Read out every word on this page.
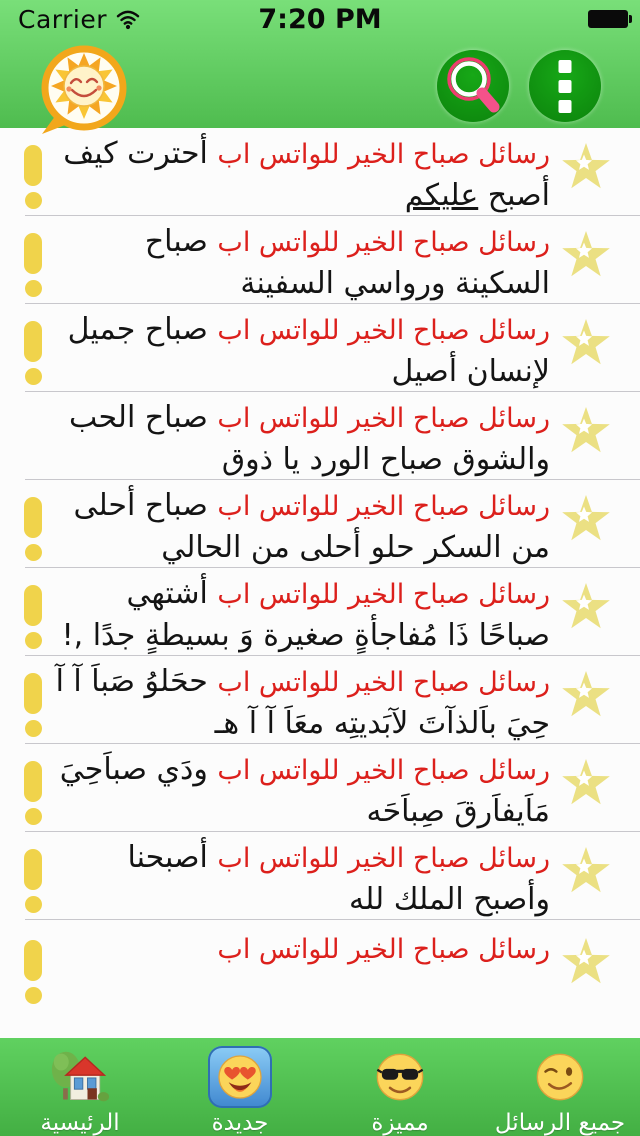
Carrier	7:20 PM
رسائل صباح الخير للواتس اب أحترت كيف أصبح عليكم
رسائل صباح الخير للواتس اب صباح السكينة ورواسي السفينة
رسائل صباح الخير للواتس اب صباح جميل لإنسان أصيل
رسائل صباح الخير للواتس اب صباح الحب والشوق صباح الورد يا ذوق
رسائل صباح الخير للواتس اب صباح أحلى من السكر حلو أحلى من الحالي
رسائل صباح الخير للواتس اب أشتهي صباحًا ذَا مُفاجأةٍ صغيرة وَ بسيطةٍ جدًا ,!
رسائل صباح الخير للواتس اب ححَلوُ صَباَ آ آ حِيَ باَلذآتَ لآبَديتِه معَاَ آ آ هـ
رسائل صباح الخير للواتس اب ودَي صباَحِيَ مَاَيفاَرقَ صِباَحَه
رسائل صباح الخير للواتس اب أصبحنا وأصبح الملك لله
رسائل صباح الخير للواتس اب
الرئيسية	جديدة	مميزة	جميع الرسائل
